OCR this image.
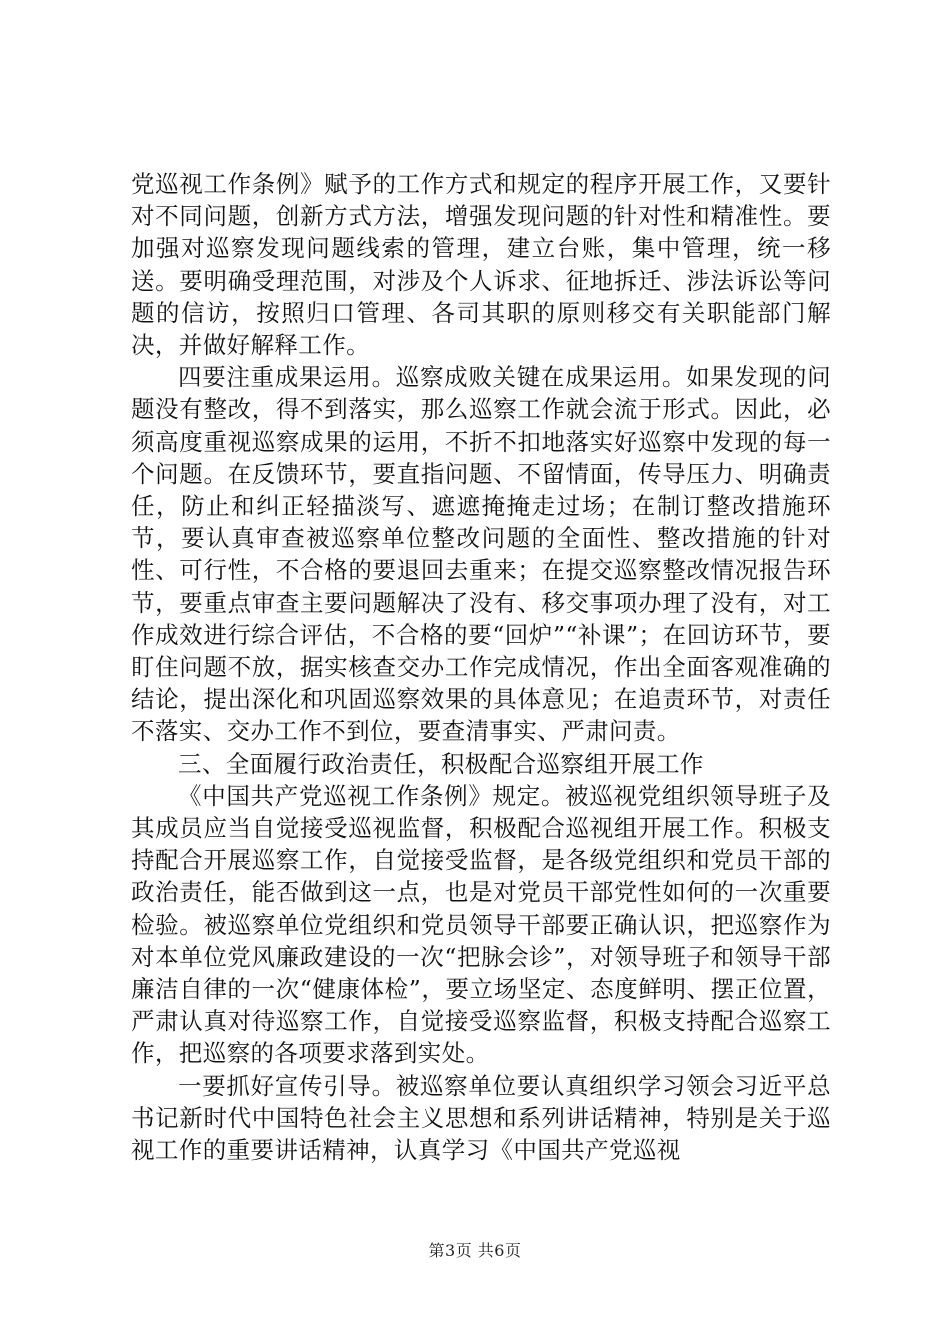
党巡视工作条例》赋予的工作方式和规定的程序开展工作，又要针对不同问题，创新方式方法，增强发现问题的针对性和精准性。要加强对巡察发现问题线索的管理，建立台账，集中管理，统一移送。要明确受理范围，对涉及个人诉求、征地拆迁、涉法诉讼等问题的信访，按照归口管理、各司其职的原则移交有关职能部门解决，并做好解释工作。

四要注重成果运用。巡察成败关键在成果运用。如果发现的问题没有整改，得不到落实，那么巡察工作就会流于形式。因此，必须高度重视巡察成果的运用，不折不扣地落实好巡察中发现的每一个问题。在反馈环节，要直指问题、不留情面，传导压力、明确责任，防止和纠正轻描淡写、遮遮掩掩走过场；在制订整改措施环节，要认真审查被巡察单位整改问题的全面性、整改措施的针对性、可行性，不合格的要退回去重来；在提交巡察整改情况报告环节，要重点审查主要问题解决了没有、移交事项办理了没有，对工作成效进行综合评估，不合格的要“回炉”“补课”；在回访环节，要盯住问题不放，据实核查交办工作完成情况，作出全面客观准确的结论，提出深化和巩固巡察效果的具体意见；在追责环节，对责任不落实、交办工作不到位，要查清事实、严肃问责。

三、全面履行政治责任，积极配合巡察组开展工作

《中国共产党巡视工作条例》规定。被巡视党组织领导班子及其成员应当自觉接受巡视监督，积极配合巡视组开展工作。积极支持配合开展巡察工作，自觉接受监督，是各级党组织和党员干部的政治责任，能否做到这一点，也是对党员干部党性如何的一次重要检验。被巡察单位党组织和党员领导干部要正确认识，把巡察作为对本单位党风廉政建设的一次“把脉会诊”，对领导班子和领导干部廉洁自律的一次“健康体检”，要立场坚定、态度鲜明、摆正位置，严肃认真对待巡察工作，自觉接受巡察监督，积极支持配合巡察工作，把巡察的各项要求落到实处。

一要抓好宣传引导。被巡察单位要认真组织学习领会习近平总书记新时代中国特色社会主义思想和系列讲话精神，特别是关于巡视工作的重要讲话精神，认真学习《中国共产党巡视

第3页 共6页
